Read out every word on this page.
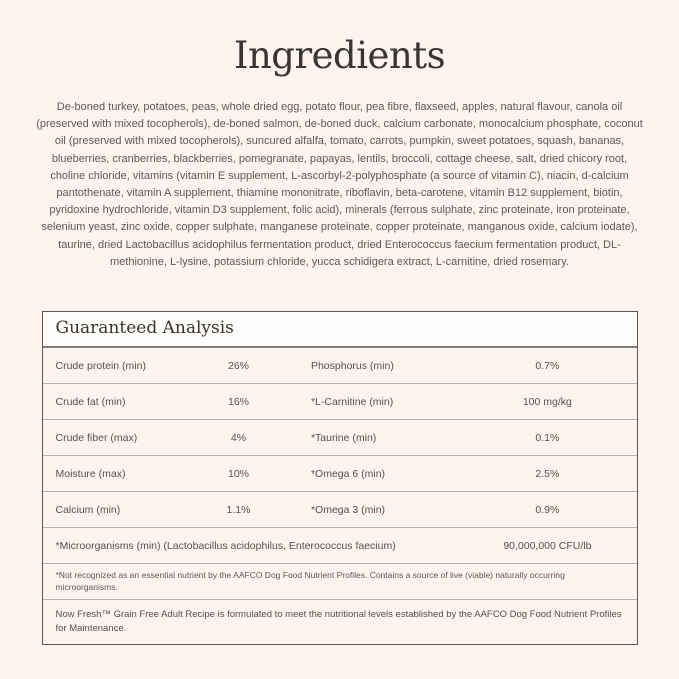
Ingredients

De-boned turkey, potatoes, peas, whole dried egg, potato flour, pea fibre, flaxseed, apples, natural flavour, canola oil (preserved with mixed tocopherols), de-boned salmon, de-boned duck, calcium carbonate, monocalcium phosphate, coconut oil (preserved with mixed tocopherols), suncured alfalfa, tomato, carrots, pumpkin, sweet potatoes, squash, bananas, blueberries, cranberries, blackberries, pomegranate, papayas, lentils, broccoli, cottage cheese, salt, dried chicory root, choline chloride, vitamins (vitamin E supplement, L-ascorbyl-2-polyphosphate (a source of vitamin C), niacin, d-calcium pantothenate, vitamin A supplement, thiamine mononitrate, riboflavin, beta-carotene, vitamin B12 supplement, biotin, pyridoxine hydrochloride, vitamin D3 supplement, folic acid), minerals (ferrous sulphate, zinc proteinate, iron proteinate, selenium yeast, zinc oxide, copper sulphate, manganese proteinate, copper proteinate, manganous oxide, calcium iodate), taurine, dried Lactobacillus acidophilus fermentation product, dried Enterococcus faecium fermentation product, DL-methionine, L-lysine, potassium chloride, yucca schidigera extract, L-carnitine, dried rosemary.

Guaranteed Analysis
Crude protein (min)	26%	Phosphorus (min)	0.7%
Crude fat (min)	16%	*L-Carnitine (min)	100 mg/kg
Crude fiber (max)	4%	*Taurine (min)	0.1%
Moisture (max)	10%	*Omega 6 (min)	2.5%
Calcium (min)	1.1%	*Omega 3 (min)	0.9%
*Microorganisms (min) (Lactobacillus acidophilus, Enterococcus faecium)	90,000,000 CFU/lb
*Not recognized as an essential nutrient by the AAFCO Dog Food Nutrient Profiles. Contains a source of live (viable) naturally occurring microorganisms.
Now Fresh™ Grain Free Adult Recipe is formulated to meet the nutritional levels established by the AAFCO Dog Food Nutrient Profiles for Maintenance.
